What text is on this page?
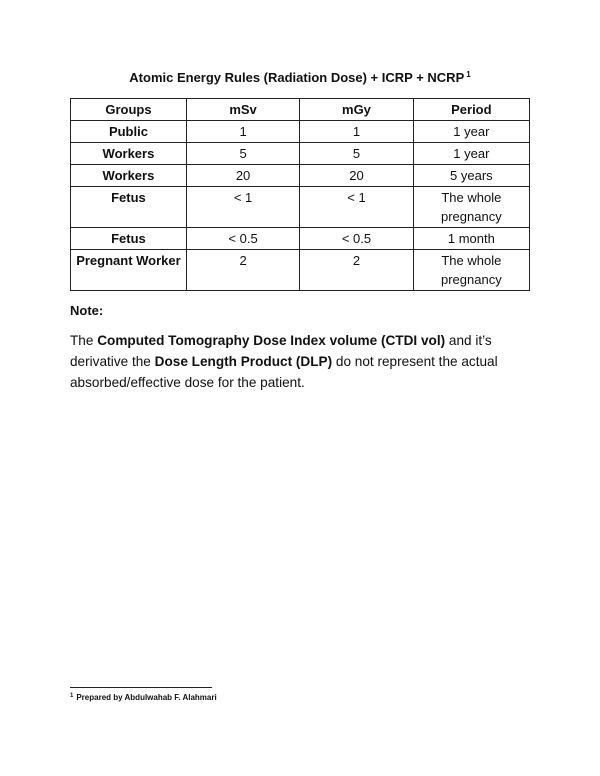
Atomic Energy Rules (Radiation Dose) + ICRP + NCRP $^1$
Groups	mSv	mGy	Period
Public	1	1	1 year
Workers	5	5	1 year
Workers	20	20	5 years
Fetus	< 1	< 1	The whole pregnancy
Fetus	< 0.5	< 0.5	1 month
Pregnant Worker	2	2	The whole pregnancy
Note:
The Computed Tomography Dose Index volume (CTDI vol) and it’s derivative the Dose Length Product (DLP) do not represent the actual absorbed/effective dose for the patient.
$^1$ Prepared by Abdulwahab F. Alahmari
